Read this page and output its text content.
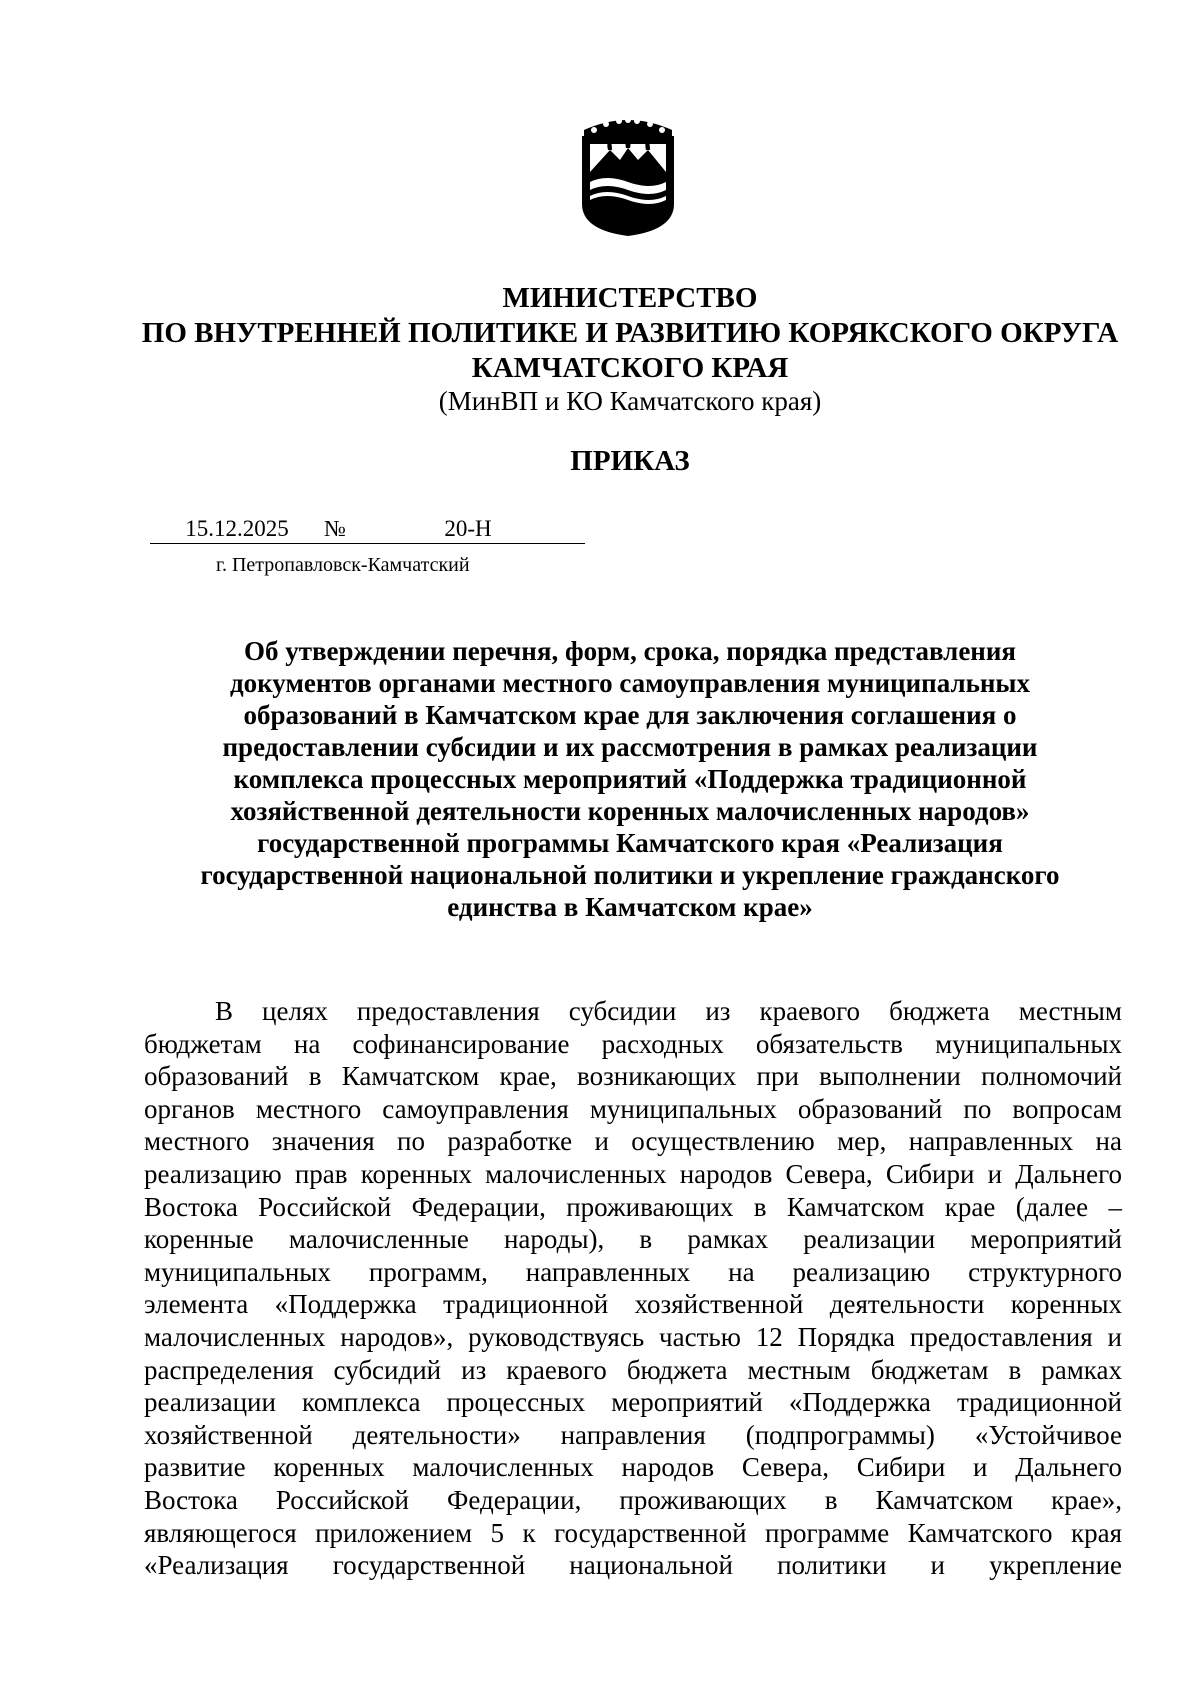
МИНИСТЕРСТВО
ПО ВНУТРЕННЕЙ ПОЛИТИКЕ И РАЗВИТИЮ КОРЯКСКОГО ОКРУГА
КАМЧАТСКОГО КРАЯ
(МинВП и КО Камчатского края)
ПРИКАЗ
15.12.2025 №	20-Н
г. Петропавловск-Камчатский
Об утверждении перечня, форм, срока, порядка представления
документов органами местного самоуправления муниципальных
образований в Камчатском крае для заключения соглашения о
предоставлении субсидии и их рассмотрения в рамках реализации
комплекса процессных мероприятий «Поддержка традиционной
хозяйственной деятельности коренных малочисленных народов»
государственной программы Камчатского края «Реализация
государственной национальной политики и укрепление гражданского
единства в Камчатском крае»
В целях предоставления субсидии из краевого бюджета местным
бюджетам на софинансирование расходных обязательств муниципальных
образований в Камчатском крае, возникающих при выполнении полномочий
органов местного самоуправления муниципальных образований по вопросам
местного значения по разработке и осуществлению мер, направленных на
реализацию прав коренных малочисленных народов Севера, Сибири и Дальнего
Востока Российской Федерации, проживающих в Камчатском крае (далее –
коренные малочисленные народы), в рамках реализации мероприятий
муниципальных программ, направленных на реализацию структурного
элемента «Поддержка традиционной хозяйственной деятельности коренных
малочисленных народов», руководствуясь частью 12 Порядка предоставления и
распределения субсидий из краевого бюджета местным бюджетам в рамках
реализации комплекса процессных мероприятий «Поддержка традиционной
хозяйственной деятельности» направления (подпрограммы) «Устойчивое
развитие коренных малочисленных народов Севера, Сибири и Дальнего
Востока Российской Федерации, проживающих в Камчатском крае»,
являющегося приложением 5 к государственной программе Камчатского края
«Реализация государственной национальной политики и укрепление
